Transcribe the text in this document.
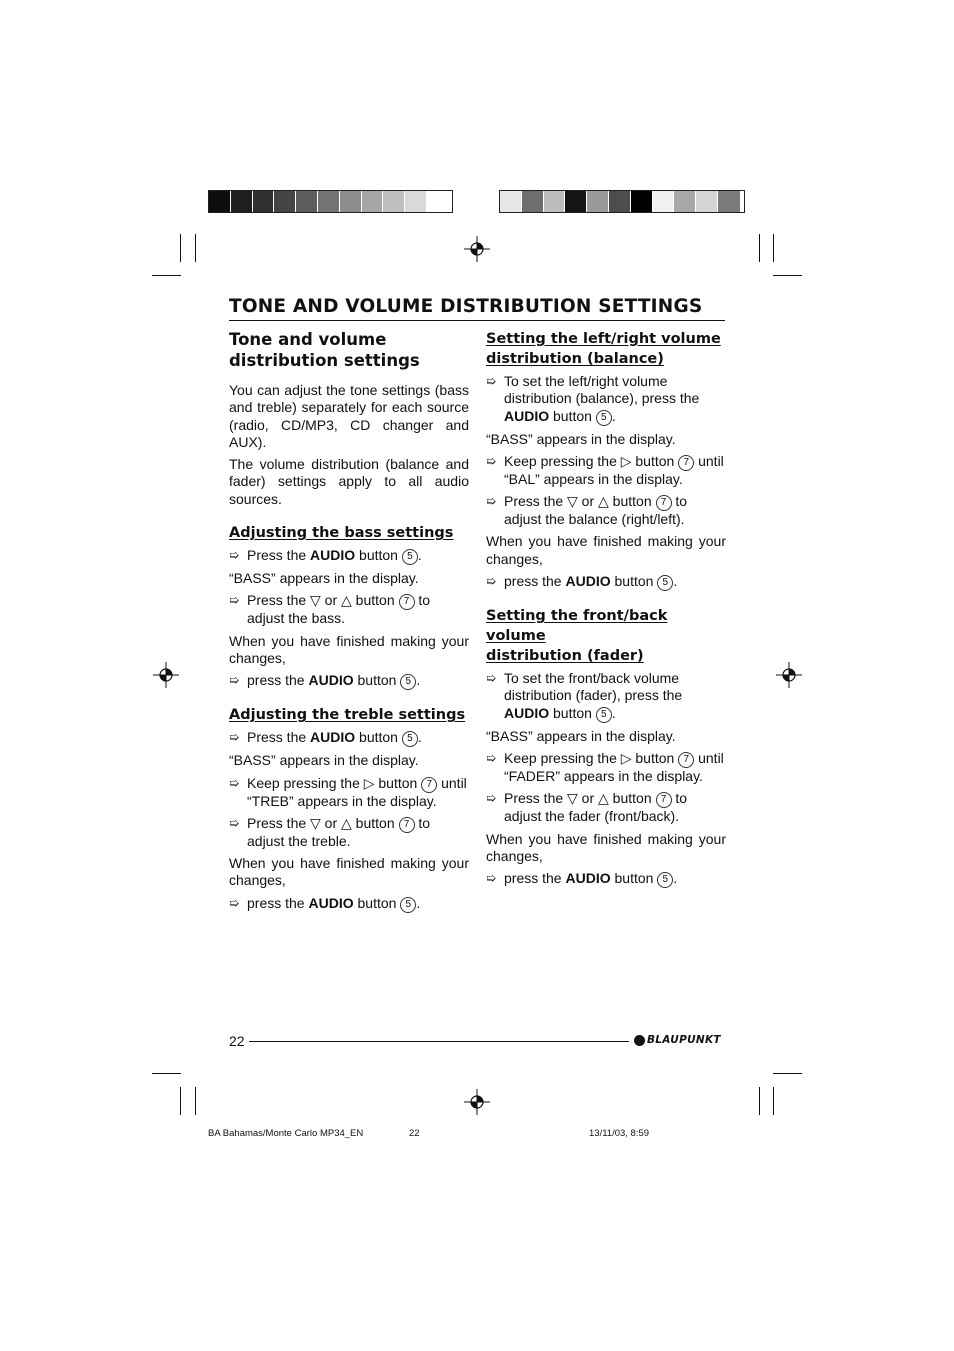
TONE AND VOLUME DISTRIBUTION SETTINGS
Tone and volume
distribution settings

You can adjust the tone settings (bass and treble) separately for each source (radio, CD/MP3, CD changer and AUX).

The volume distribution (balance and fader) settings apply to all audio sources.

Adjusting the bass settings
➯ Press the AUDIO button 5 .

“BASS” appears in the display.

➯ Press the ▽ or △ button 7 to adjust the bass.

When you have finished making your changes,

➯ press the AUDIO button 5 .
Adjusting the treble settings
➯ Press the AUDIO button 5 .

“BASS” appears in the display.

➯ Keep pressing the ▷ button 7 until “TREB” appears in the display.
➯ Press the ▽ or △ button 7 to adjust the treble.

When you have finished making your changes,

➯ press the AUDIO button 5 .
Setting the left/right volume
distribution (balance)
➯ To set the left/right volume distribution (balance), press the AUDIO button 5 .

“BASS” appears in the display.

➯ Keep pressing the ▷ button 7 until “BAL” appears in the display.
➯ Press the ▽ or △ button 7 to adjust the balance (right/left).

When you have finished making your changes,

➯ press the AUDIO button 5 .
Setting the front/back volume
distribution (fader)
➯ To set the front/back volume distribution (fader), press the AUDIO button 5 .

“BASS” appears in the display.

➯ Keep pressing the ▷ button 7 until “FADER” appears in the display.
➯ Press the ▽ or △ button 7 to adjust the fader (front/back).

When you have finished making your changes,

➯ press the AUDIO button 5 .
22	BLAUPUNKT
BA Bahamas/Monte Carlo MP34_EN	22	13/11/03, 8:59
